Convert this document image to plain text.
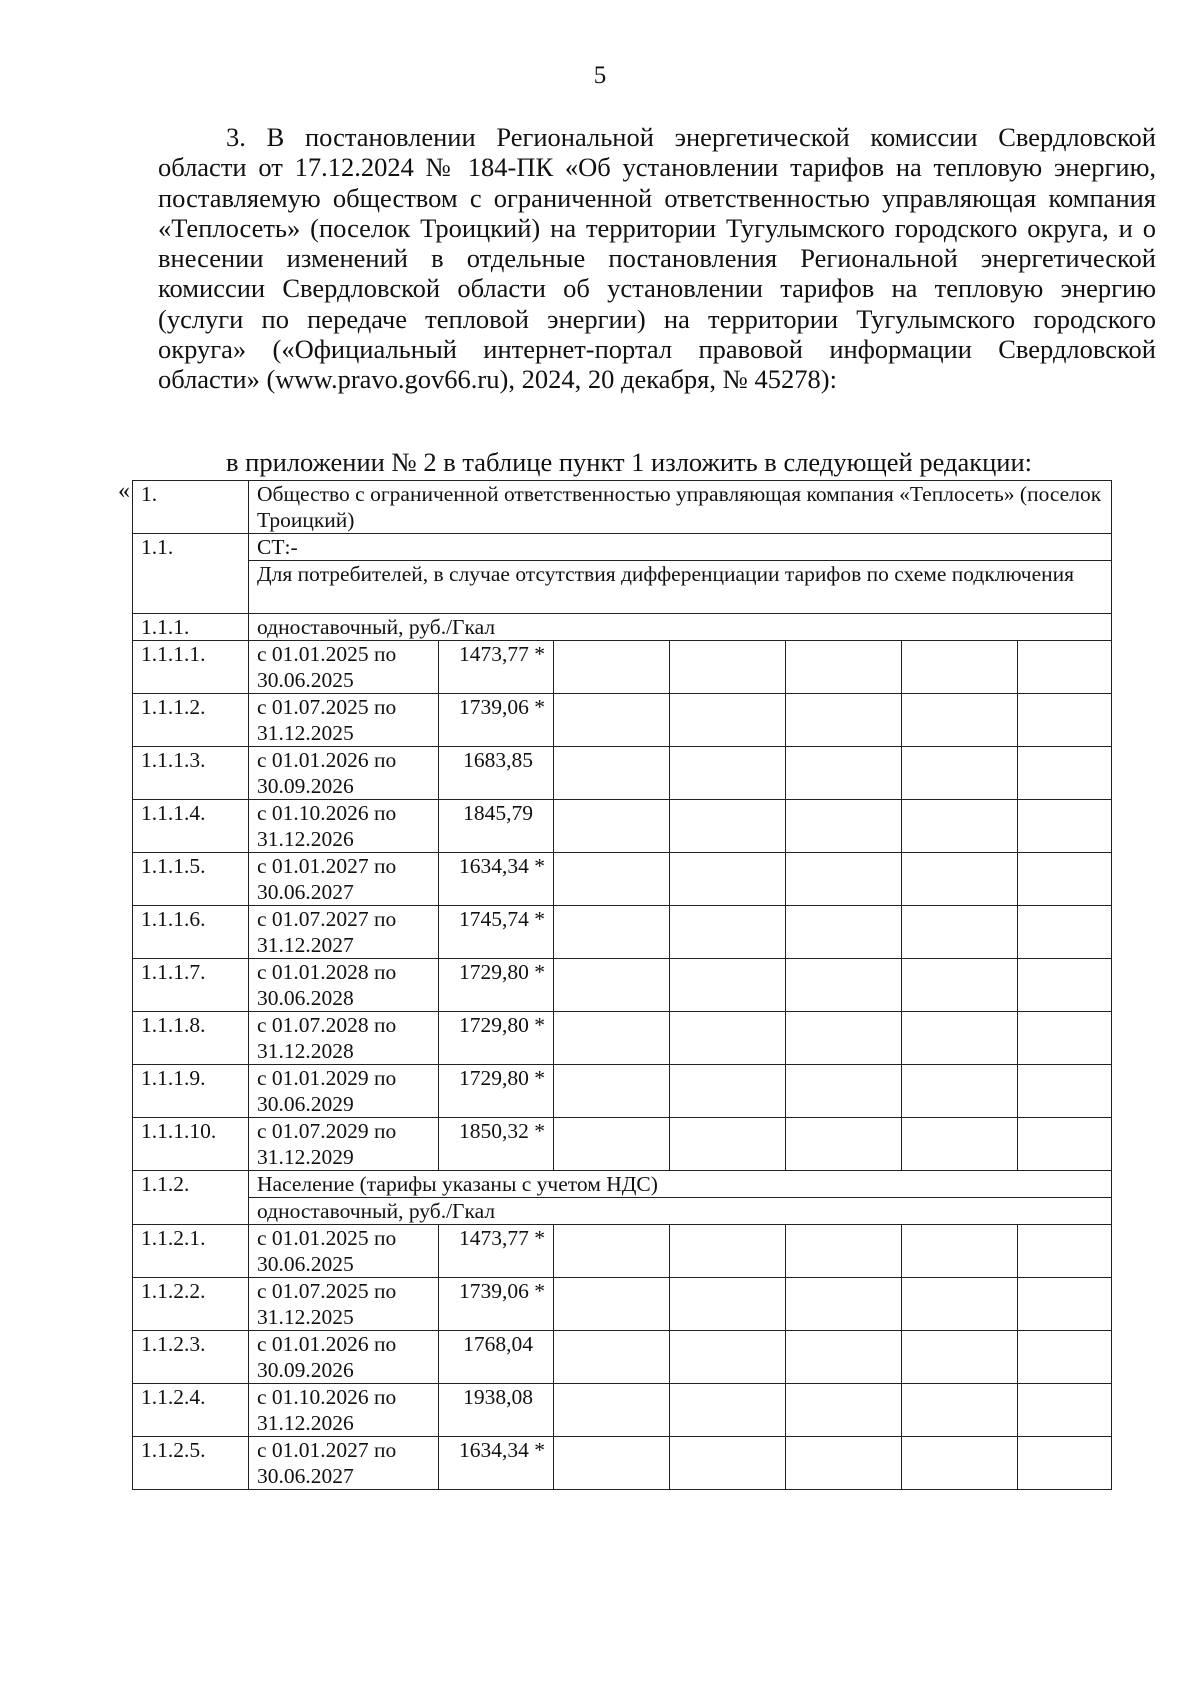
5

3. В постановлении Региональной энергетической комиссии Свердловской области от 17.12.2024 № 184-ПК «Об установлении тарифов на тепловую энергию, поставляемую обществом с ограниченной ответственностью управляющая компания «Теплосеть» (поселок Троицкий) на территории Тугулымского городского округа, и о внесении изменений в отдельные постановления Региональной энергетической комиссии Свердловской области об установлении тарифов на тепловую энергию (услуги по передаче тепловой энергии) на территории Тугулымского городского округа» («Официальный интернет-портал правовой информации Свердловской области» (www.pravo.gov66.ru), 2024, 20 декабря, № 45278):

в приложении № 2 в таблице пункт 1 изложить в следующей редакции:
« 1.	Общество с ограниченной ответственностью управляющая компания «Теплосеть» (поселок Троицкий)						
1.1.	СТ:-						
	Для потребителей, в случае отсутствия дифференциации тарифов по схеме подключения						
1.1.1.	одноставочный, руб./Гкал						
1.1.1.1.	с 01.01.2025 по 30.06.2025	1473,77 *					
1.1.1.2.	с 01.07.2025 по 31.12.2025	1739,06 *					
1.1.1.3.	с 01.01.2026 по 30.09.2026	1683,85					
1.1.1.4.	с 01.10.2026 по 31.12.2026	1845,79					
1.1.1.5.	с 01.01.2027 по 30.06.2027	1634,34 *					
1.1.1.6.	с 01.07.2027 по 31.12.2027	1745,74 *					
1.1.1.7.	с 01.01.2028 по 30.06.2028	1729,80 *					
1.1.1.8.	с 01.07.2028 по 31.12.2028	1729,80 *					
1.1.1.9.	с 01.01.2029 по 30.06.2029	1729,80 *					
1.1.1.10.	с 01.07.2029 по 31.12.2029	1850,32 *					
1.1.2.	Население (тарифы указаны с учетом НДС)						
	одноставочный, руб./Гкал						
1.1.2.1.	с 01.01.2025 по 30.06.2025	1473,77 *					
1.1.2.2.	с 01.07.2025 по 31.12.2025	1739,06 *					
1.1.2.3.	с 01.01.2026 по 30.09.2026	1768,04					
1.1.2.4.	с 01.10.2026 по 31.12.2026	1938,08					
1.1.2.5.	с 01.01.2027 по 30.06.2027	1634,34 *					
